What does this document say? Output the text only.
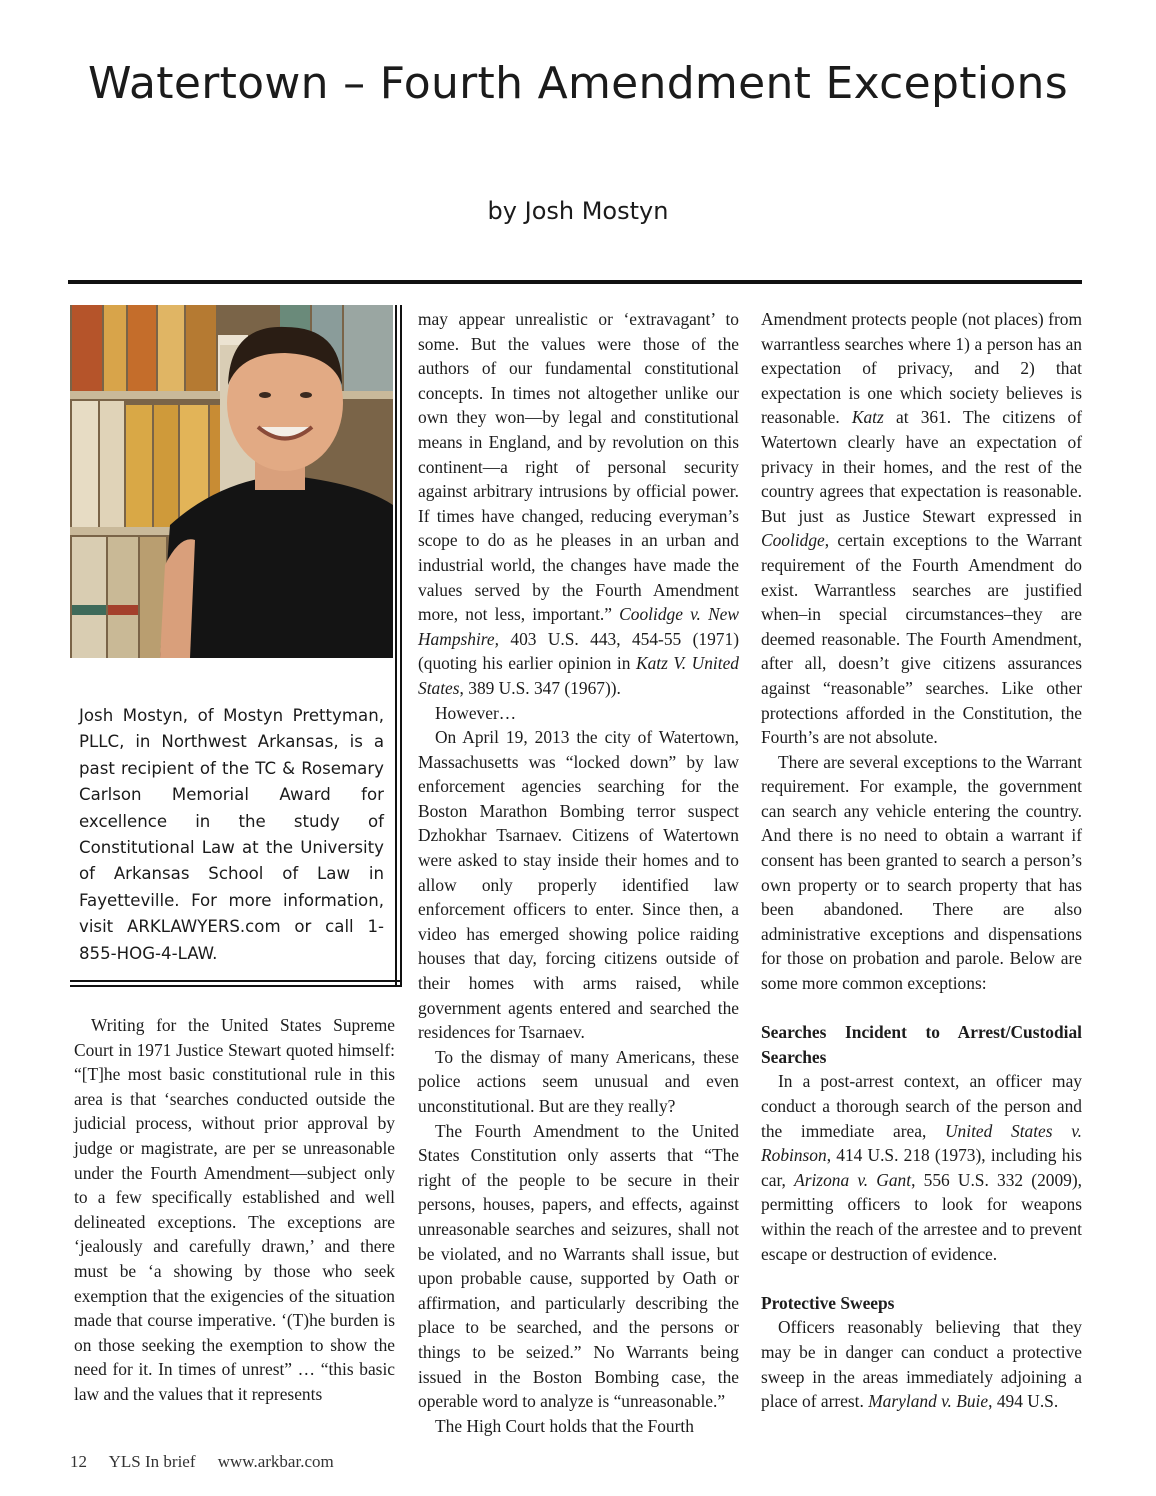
Watertown – Fourth Amendment Exceptions
by Josh Mostyn
Josh Mostyn, of Mostyn Prettyman, PLLC, in Northwest Arkansas, is a past recipient of the TC & Rosemary Carlson Memorial Award for excellence in the study of Constitutional Law at the University of Arkansas School of Law in Fayetteville. For more information, visit ARKLAWYERS.com or call 1-855-HOG-4-LAW.

Writing for the United States Supreme Court in 1971 Justice Stewart quoted himself: “[T]he most basic constitutional rule in this area is that ‘searches conducted outside the judicial process, without prior approval by judge or magistrate, are per se unreasonable under the Fourth Amendment—subject only to a few specifically established and well delineated exceptions. The exceptions are ‘jealously and carefully drawn,’ and there must be ‘a showing by those who seek exemption that the exigencies of the situation made that course imperative. ‘(T)he burden is on those seeking the exemption to show the need for it. In times of unrest” … “this basic law and the values that it represents

may appear unrealistic or ‘extravagant’ to some. But the values were those of the authors of our fundamental constitutional concepts. In times not altogether unlike our own they won—by legal and constitutional means in England, and by revolution on this continent—a right of personal security against arbitrary intrusions by official power. If times have changed, reducing everyman’s scope to do as he pleases in an urban and industrial world, the changes have made the values served by the Fourth Amendment more, not less, important.” Coolidge v. New Hampshire, 403 U.S. 443, 454-55 (1971) (quoting his earlier opinion in Katz V. United States, 389 U.S. 347 (1967)).

However…

On April 19, 2013 the city of Watertown, Massachusetts was “locked down” by law enforcement agencies searching for the Boston Marathon Bombing terror suspect Dzhokhar Tsarnaev. Citizens of Watertown were asked to stay inside their homes and to allow only properly identified law enforcement officers to enter. Since then, a video has emerged showing police raiding houses that day, forcing citizens outside of their homes with arms raised, while government agents entered and searched the residences for Tsarnaev.

To the dismay of many Americans, these police actions seem unusual and even unconstitutional. But are they really?

The Fourth Amendment to the United States Constitution only asserts that “The right of the people to be secure in their persons, houses, papers, and effects, against unreasonable searches and seizures, shall not be violated, and no Warrants shall issue, but upon probable cause, supported by Oath or affirmation, and particularly describing the place to be searched, and the persons or things to be seized.” No Warrants being issued in the Boston Bombing case, the operable word to analyze is “unreasonable.”

The High Court holds that the Fourth

Amendment protects people (not places) from warrantless searches where 1) a person has an expectation of privacy, and 2) that expectation is one which society believes is reasonable. Katz at 361. The citizens of Watertown clearly have an expectation of privacy in their homes, and the rest of the country agrees that expectation is reasonable. But just as Justice Stewart expressed in Coolidge, certain exceptions to the Warrant requirement of the Fourth Amendment do exist. Warrantless searches are justified when–in special circumstances–they are deemed reasonable. The Fourth Amendment, after all, doesn’t give citizens assurances against “reasonable” searches. Like other protections afforded in the Constitution, the Fourth’s are not absolute.

There are several exceptions to the Warrant requirement. For example, the government can search any vehicle entering the country. And there is no need to obtain a warrant if consent has been granted to search a person’s own property or to search property that has been abandoned. There are also administrative exceptions and dispensations for those on probation and parole. Below are some more common exceptions:

Searches Incident to Arrest/Custodial Searches

In a post-arrest context, an officer may conduct a thorough search of the person and the immediate area, United States v. Robinson, 414 U.S. 218 (1973), including his car, Arizona v. Gant, 556 U.S. 332 (2009), permitting officers to look for weapons within the reach of the arrestee and to prevent escape or destruction of evidence.

Protective Sweeps

Officers reasonably believing that they may be in danger can conduct a protective sweep in the areas immediately adjoining a place of arrest. Maryland v. Buie, 494 U.S.

12 YLS In brief www.arkbar.com
